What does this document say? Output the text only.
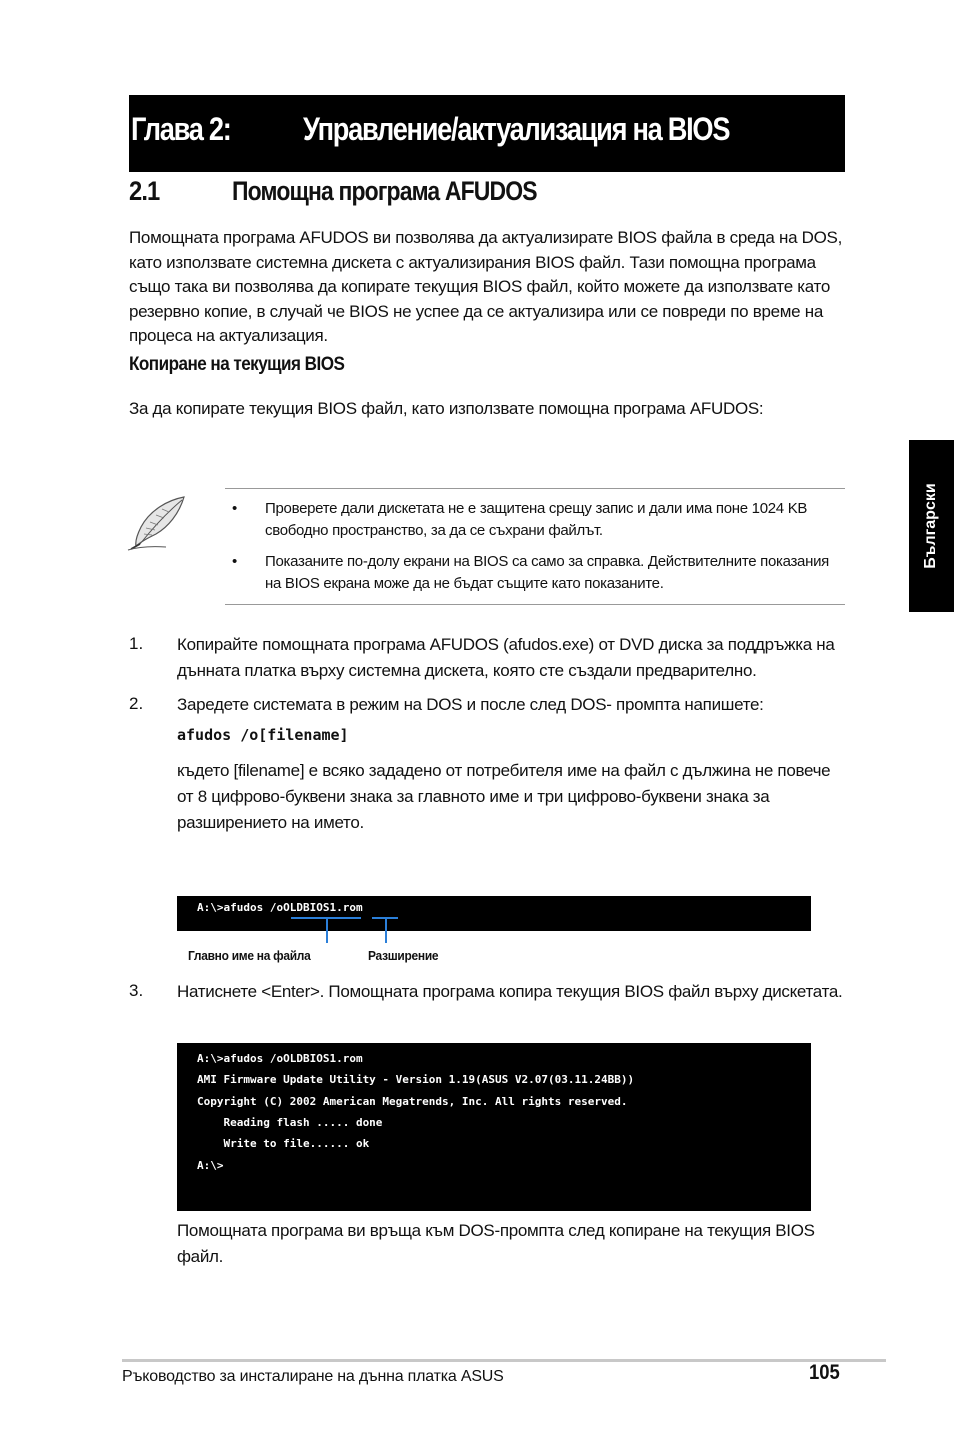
Глава 2: Управление/актуализация на BIOS
2.1	Помощна програма AFUDOS
Помощната програма AFUDOS ви позволява да актуализирате BIOS файла в среда на DOS, като използвате системна дискета с актуализирания BIOS файл. Тази помощна програма също така ви позволява да копирате текущия BIOS файл, който можете да използвате като резервно копие, в случай че BIOS не успее да се актуализира или се повреди по време на процеса на актуализация.
Копиране на текущия BIOS
За да копирате текущия BIOS файл, като използвате помощна програма AFUDOS:
• Проверете дали дискетата не е защитена срещу запис и дали има поне 1024 KB свободно пространство, за да се съхрани файлът.
• Показаните по-долу екрани на BIOS са само за справка. Действителните показания на BIOS екрана може да не бъдат същите като показаните.
1. Копирайте помощната програма AFUDOS (afudos.exe) от DVD диска за поддръжка на дънната платка върху системна дискета, която сте създали предварително.
2. Заредете системата в режим на DOS и после след DOS- промпта напишете:
afudos /o[filename]
където [filename] е всяко зададено от потребителя име на файл с дължина не повече от 8 цифрово-буквени знака за главното име и три цифрово-буквени знака за разширението на името.
A:\>afudos /oOLDBIOS1.rom
Главно име на файла	Разширение
3. Натиснете <Enter>. Помощната програма копира текущия BIOS файл върху дискетата.
A:\>afudos /oOLDBIOS1.rom
AMI Firmware Update Utility - Version 1.19(ASUS V2.07(03.11.24BB))
Copyright (C) 2002 American Megatrends, Inc. All rights reserved.
Reading flash ..... done
Write to file...... ok
A:\>
Помощната програма ви връща към DOS-промпта след копиране на текущия BIOS файл.
Български
Ръководство за инсталиране на дънна платка ASUS	105
